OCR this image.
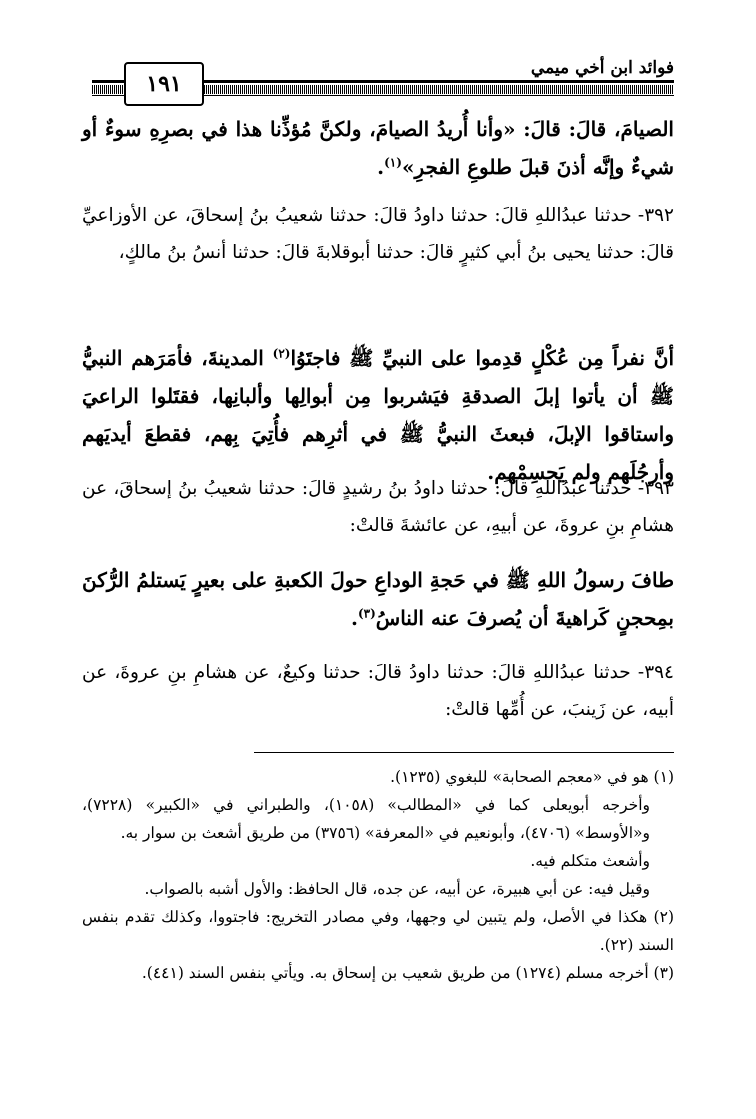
فوائد ابن أخي ميمي
١٩١
الصيامَ، قالَ: قالَ: «وأنا أُريدُ الصيامَ، ولكنَّ مُؤذِّنا هذا في بصرِهِ سوءٌ أو شيءٌ وإنَّه أذنَ قبلَ طلوعِ الفجرِ»$^{(١)}$.
٣٩٢- حدثنا عبدُاللهِ قالَ: حدثنا داودُ قالَ: حدثنا شعيبُ بنُ إسحاقَ، عن الأوزاعيِّ قالَ: حدثنا يحيى بنُ أبي كثيرٍ قالَ: حدثنا أبوقلابةَ قالَ: حدثنا أنسُ بنُ مالكٍ،
أنَّ نفراً مِن عُكْلٍ قدِموا على النبيِّ ﷺ فاجتَوُا$^{(٢)}$ المدينةَ، فأمَرَهم النبيُّ ﷺ أن يأتوا إبلَ الصدقةِ فيَشربوا مِن أبوالِها وألبانِها، فقتَلوا الراعيَ واستاقوا الإبلَ، فبعثَ النبيُّ ﷺ في أثرِهم فأُتِيَ بِهم، فقطعَ أيديَهم وأرجُلَهم ولم يَحسِمْهم.
٣٩٣- حدثنا عبدُاللهِ قالَ: حدثنا داودُ بنُ رشيدٍ قالَ: حدثنا شعيبُ بنُ إسحاقَ، عن هشامِ بنِ عروةَ، عن أبيهِ، عن عائشةَ قالتْ:
طافَ رسولُ اللهِ ﷺ في حَجةِ الوداعِ حولَ الكعبةِ على بعيرٍ يَستلمُ الرُّكنَ بمِحجنٍ كَراهيةَ أن يُصرفَ عنه الناسُ$^{(٣)}$.
٣٩٤- حدثنا عبدُاللهِ قالَ: حدثنا داودُ قالَ: حدثنا وكيعٌ، عن هشامِ بنِ عروةَ، عن أبيه، عن زَينبَ، عن أُمِّها قالتْ:
(١) هو في «معجم الصحابة» للبغوي (١٢٣٥).
وأخرجه أبويعلى كما في «المطالب» (١٠٥٨)، والطبراني في «الكبير» (٧٢٢٨)، و«الأوسط» (٤٧٠٦)، وأبونعيم في «المعرفة» (٣٧٥٦) من طريق أشعث بن سوار به.
وأشعث متكلم فيه.
وقيل فيه: عن أبي هبيرة، عن أبيه، عن جده، قال الحافظ: والأول أشبه بالصواب.
(٢) هكذا في الأصل، ولم يتبين لي وجهها، وفي مصادر التخريج: فاجتووا، وكذلك تقدم بنفس السند (٢٢).
(٣) أخرجه مسلم (١٢٧٤) من طريق شعيب بن إسحاق به. ويأتي بنفس السند (٤٤١).
